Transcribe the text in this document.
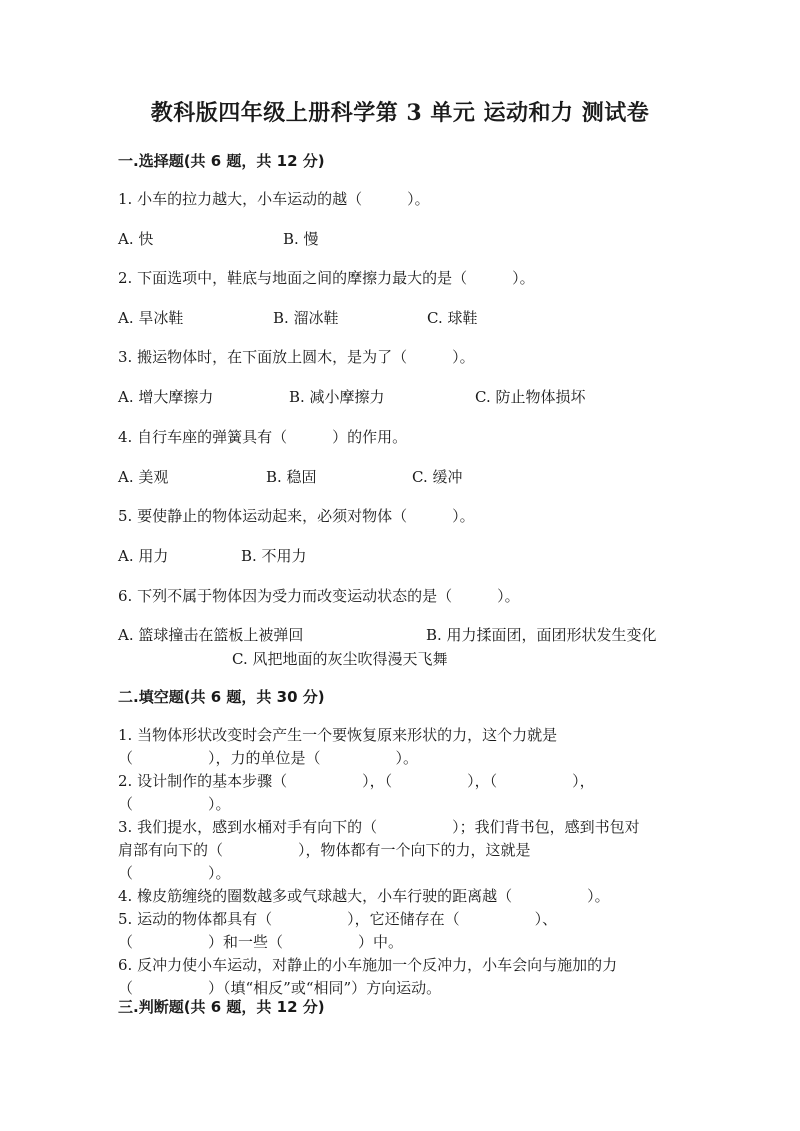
教科版四年级上册科学第 3 单元 运动和力 测试卷
一.选择题(共 6 题，共 12 分)
1. 小车的拉力越大，小车运动的越（　　　）。
A. 快	B. 慢
2. 下面选项中，鞋底与地面之间的摩擦力最大的是（　　　）。
A. 旱冰鞋	B. 溜冰鞋	C. 球鞋
3. 搬运物体时，在下面放上圆木，是为了（　　　）。
A. 增大摩擦力	B. 减小摩擦力	C. 防止物体损坏
4. 自行车座的弹簧具有（　　　）的作用。
A. 美观	B. 稳固	C. 缓冲
5. 要使静止的物体运动起来，必须对物体（　　　）。
A. 用力	B. 不用力
6. 下列不属于物体因为受力而改变运动状态的是（　　　）。
A. 篮球撞击在篮板上被弹回	B. 用力揉面团，面团形状发生变化
C. 风把地面的灰尘吹得漫天飞舞
二.填空题(共 6 题，共 30 分)
1. 当物体形状改变时会产生一个要恢复原来形状的力，这个力就是
（　　　　　），力的单位是（　　　　　）。
2. 设计制作的基本步骤（　　　　　），（　　　　　），（　　　　　），
（　　　　　）。
3. 我们提水，感到水桶对手有向下的（　　　　　）；我们背书包，感到书包对
肩部有向下的（　　　　　），物体都有一个向下的力，这就是
（　　　　　）。
4. 橡皮筋缠绕的圈数越多或气球越大，小车行驶的距离越（　　　　　）。
5. 运动的物体都具有（　　　　　），它还储存在（　　　　　）、
（　　　　　）和一些（　　　　　）中。
6. 反冲力使小车运动，对静止的小车施加一个反冲力，小车会向与施加的力
（　　　　　）（填“相反”或“相同”）方向运动。
三.判断题(共 6 题，共 12 分)
